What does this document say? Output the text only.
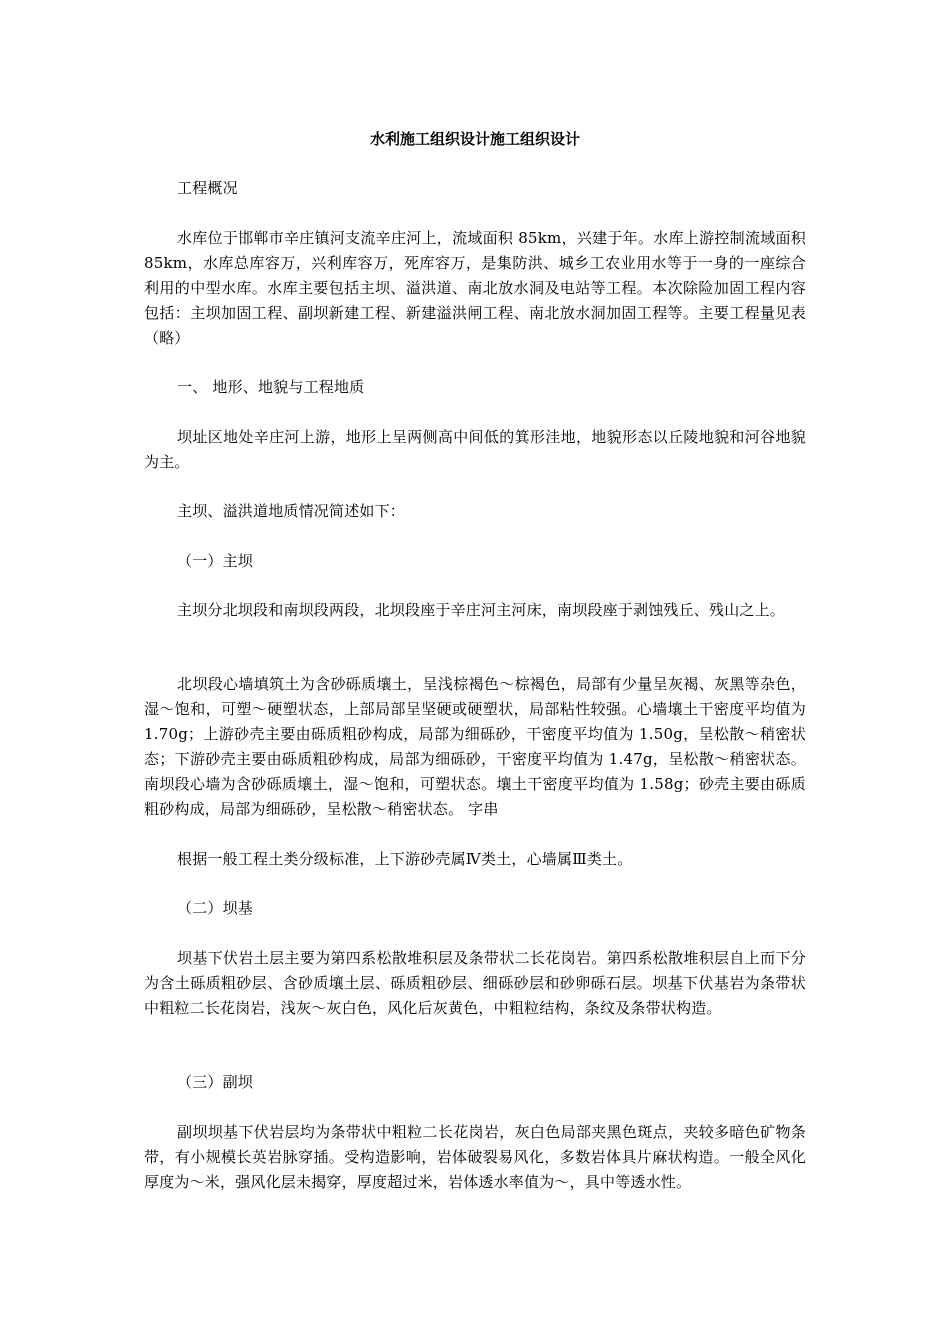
水利施工组织设计施工组织设计

工程概况

水库位于邯郸市辛庄镇河支流辛庄河上，流域面积 85km，兴建于年。水库上游控制流域面积 85km，水库总库容万，兴利库容万，死库容万，是集防洪、城乡工农业用水等于一身的一座综合利用的中型水库。水库主要包括主坝、溢洪道、南北放水洞及电站等工程。本次除险加固工程内容包括：主坝加固工程、副坝新建工程、新建溢洪闸工程、南北放水洞加固工程等。主要工程量见表（略）

一、 地形、地貌与工程地质

坝址区地处辛庄河上游，地形上呈两侧高中间低的箕形洼地，地貌形态以丘陵地貌和河谷地貌为主。

主坝、溢洪道地质情况简述如下：

（一）主坝

主坝分北坝段和南坝段两段，北坝段座于辛庄河主河床，南坝段座于剥蚀残丘、残山之上。

北坝段心墙填筑土为含砂砾质壤土，呈浅棕褐色～棕褐色，局部有少量呈灰褐、灰黑等杂色，湿～饱和，可塑～硬塑状态，上部局部呈坚硬或硬塑状，局部粘性较强。心墙壤土干密度平均值为 1.70g；上游砂壳主要由砾质粗砂构成，局部为细砾砂，干密度平均值为 1.50g，呈松散～稍密状态；下游砂壳主要由砾质粗砂构成，局部为细砾砂，干密度平均值为 1.47g，呈松散～稍密状态。南坝段心墙为含砂砾质壤土，湿～饱和，可塑状态。壤土干密度平均值为 1.58g；砂壳主要由砾质粗砂构成，局部为细砾砂，呈松散～稍密状态。 字串

根据一般工程土类分级标准，上下游砂壳属Ⅳ类土，心墙属Ⅲ类土。

（二）坝基

坝基下伏岩土层主要为第四系松散堆积层及条带状二长花岗岩。第四系松散堆积层自上而下分为含土砾质粗砂层、含砂质壤土层、砾质粗砂层、细砾砂层和砂卵砾石层。坝基下伏基岩为条带状中粗粒二长花岗岩，浅灰～灰白色，风化后灰黄色，中粗粒结构，条纹及条带状构造。

（三）副坝

副坝坝基下伏岩层均为条带状中粗粒二长花岗岩，灰白色局部夹黑色斑点，夹较多暗色矿物条带，有小规模长英岩脉穿插。受构造影响，岩体破裂易风化，多数岩体具片麻状构造。一般全风化厚度为～米，强风化层未揭穿，厚度超过米，岩体透水率值为～，具中等透水性。
